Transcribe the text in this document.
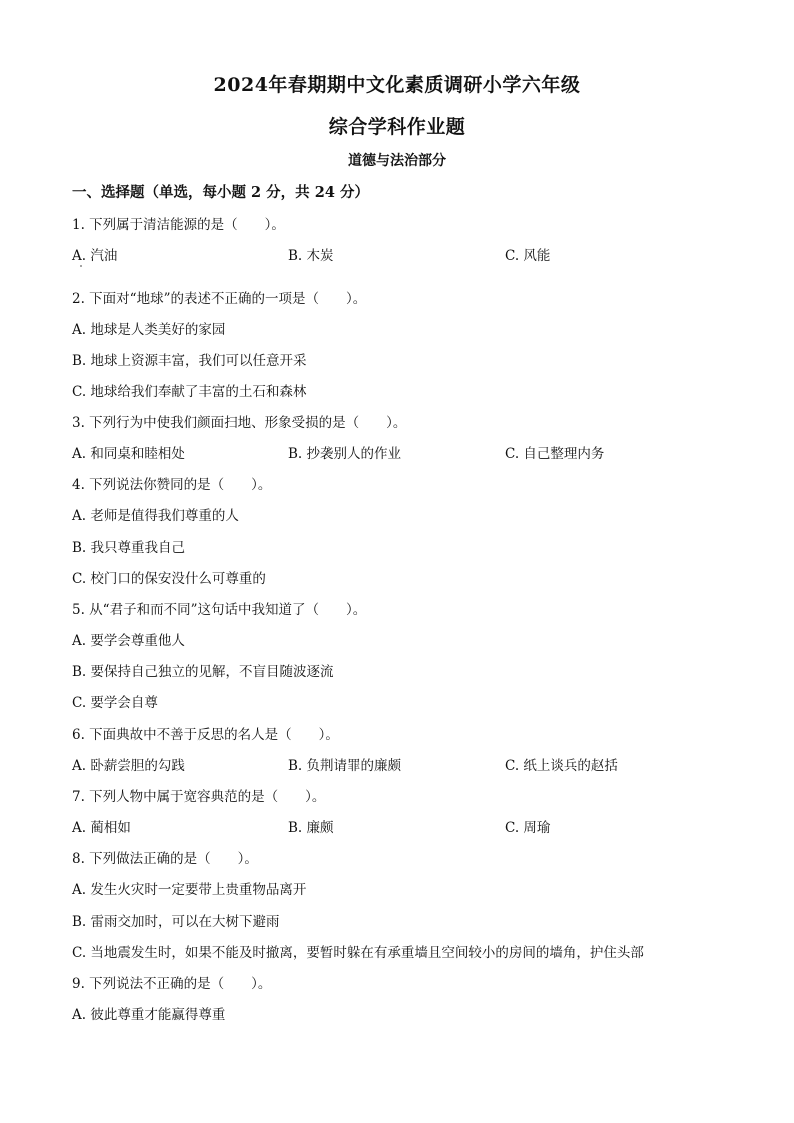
2024年春期期中文化素质调研小学六年级
综合学科作业题
道德与法治部分
一、选择题（单选，每小题 2 分，共 24 分）
1. 下列属于清洁能源的是（　　）。
A. 汽油	B. 木炭	C. 风能
2. 下面对“地球”的表述不正确的一项是（　　）。
A. 地球是人类美好的家园
B. 地球上资源丰富，我们可以任意开采
C. 地球给我们奉献了丰富的土石和森林
3. 下列行为中使我们颜面扫地、形象受损的是（　　）。
A. 和同桌和睦相处	B. 抄袭别人的作业	C. 自己整理内务
4. 下列说法你赞同的是（　　）。
A. 老师是值得我们尊重的人
B. 我只尊重我自己
C. 校门口的保安没什么可尊重的
5. 从“君子和而不同”这句话中我知道了（　　）。
A. 要学会尊重他人
B. 要保持自己独立的见解，不盲目随波逐流
C. 要学会自尊
6. 下面典故中不善于反思的名人是（　　）。
A. 卧薪尝胆的勾践	B. 负荆请罪的廉颇	C. 纸上谈兵的赵括
7. 下列人物中属于宽容典范的是（　　）。
A. 蔺相如	B. 廉颇	C. 周瑜
8. 下列做法正确的是（　　）。
A. 发生火灾时一定要带上贵重物品离开
B. 雷雨交加时，可以在大树下避雨
C. 当地震发生时，如果不能及时撤离，要暂时躲在有承重墙且空间较小的房间的墙角，护住头部
9. 下列说法不正确的是（　　）。
A. 彼此尊重才能赢得尊重
